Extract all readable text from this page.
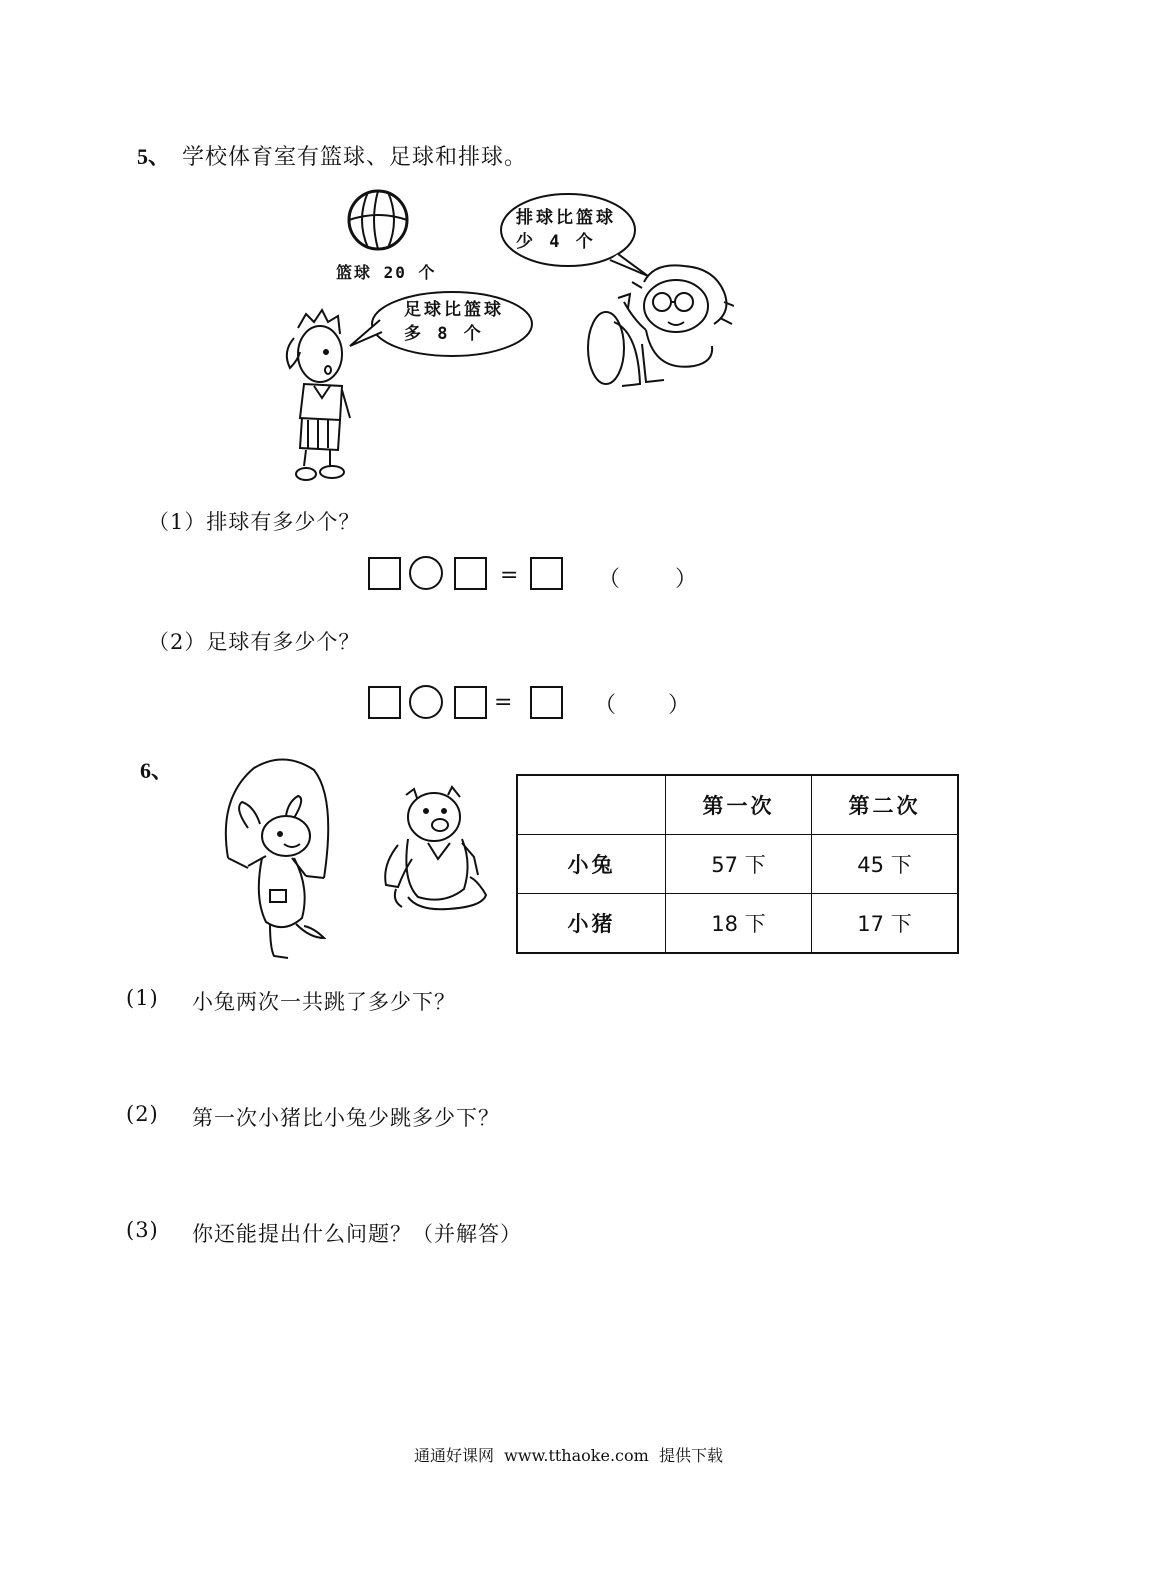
5、 学校体育室有篮球、足球和排球。
篮球 20 个
排球比篮球
少 4 个
足球比篮球
多 8 个
（1）排球有多少个？
=	（ ）
（2）足球有多少个？
=	（ ）
6、
	第一次	第二次
小兔	57 下	45 下
小猪	18 下	17 下
(1) 小兔两次一共跳了多少下？
(2) 第一次小猪比小兔少跳多少下？
(3) 你还能提出什么问题？（并解答）
通通好课网  www.tthaoke.com  提供下载
